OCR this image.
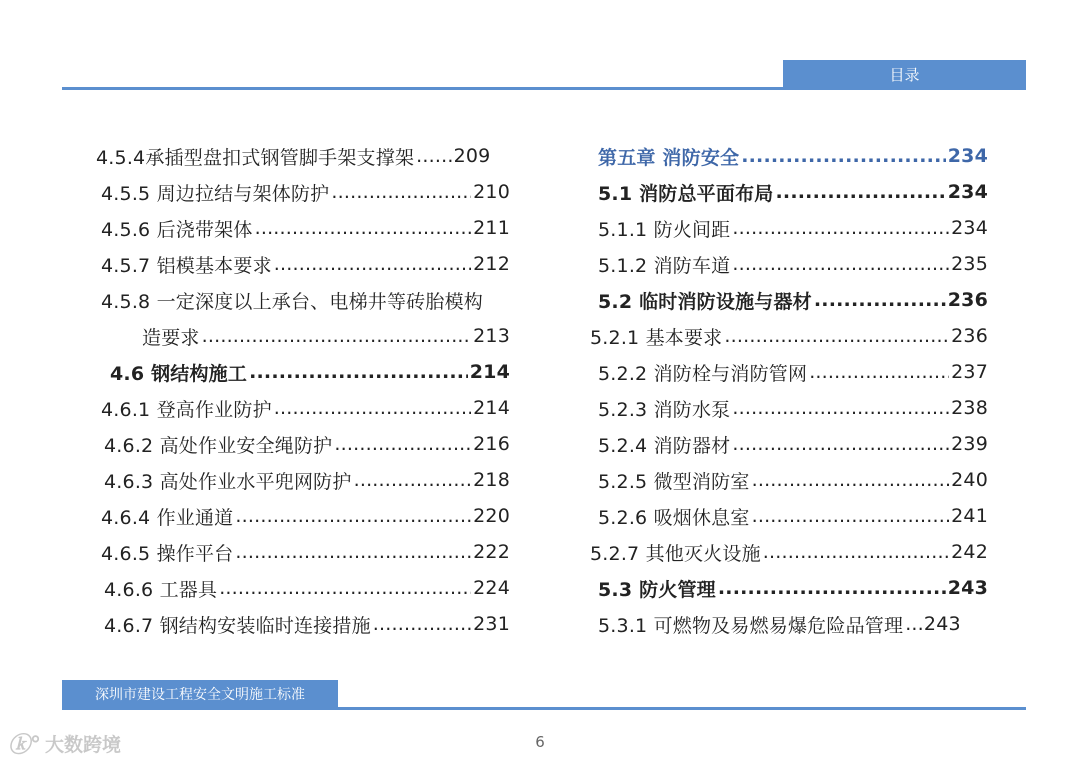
目录
4.5.4承插型盘扣式钢管脚手架支撑架 ...... 209
4.5.5 周边拉结与架体防护 .....	210
4.5.6 后浇带架体 .....	211
4.5.7 铝模基本要求 .....	212
4.5.8 一定深度以上承台、电梯井等砖胎模构
造要求 .....	213
4.6 钢结构施工 .....	214
4.6.1 登高作业防护 .....	214
4.6.2 高处作业安全绳防护 .....	216
4.6.3 高处作业水平兜网防护 .....	218
4.6.4 作业通道 .....	220
4.6.5 操作平台 .....	222
4.6.6 工器具 .....	224
4.6.7 钢结构安装临时连接措施 .....	231
第五章 消防安全 .....	234
5.1 消防总平面布局 .....	234
5.1.1 防火间距 .....	234
5.1.2 消防车道 .....	235
5.2 临时消防设施与器材 .....	236
5.2.1 基本要求 .....	236
5.2.2 消防栓与消防管网 .....	237
5.2.3 消防水泵 .....	238
5.2.4 消防器材 .....	239
5.2.5 微型消防室 .....	240
5.2.6 吸烟休息室 .....	241
5.2.7 其他灭火设施 .....	242
5.3 防火管理 .....	243
5.3.1 可燃物及易燃易爆危险品管理 ... 243
深圳市建设工程安全文明施工标准
6
ⓚ° 大数跨境
